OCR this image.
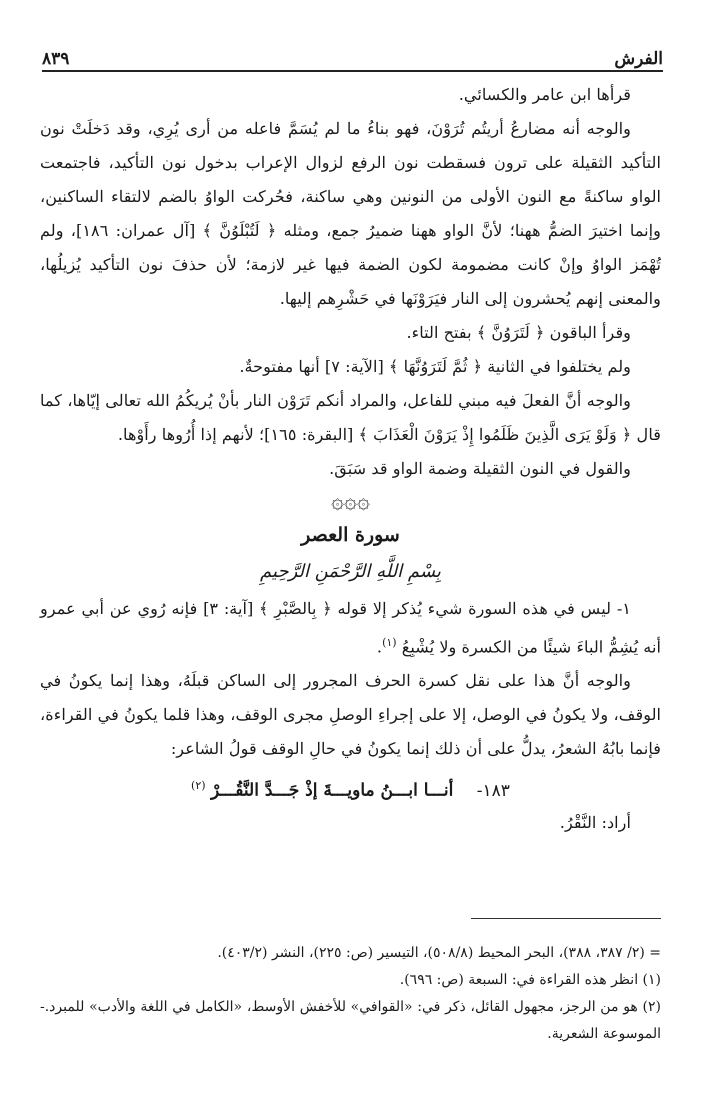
الفرش
٨٣٩

قرأها ابن عامر والكسائي.

والوجه أنه مضارعُ أريتُم تُرَوْنَ، فهو بناءُ ما لم يُسَمَّ فاعله من أرى يُرِي، وقد دَخلَتْ نون التأكيد الثقيلة على ترون فسقطت نون الرفع لزوال الإعراب بدخول نون التأكيد، فاجتمعت الواو ساكنةً مع النون الأولى من النونين وهي ساكنة، فحُركت الواوُ بالضم لالتقاء الساكنين، وإنما اختيرَ الضمُّ ههنا؛ لأنَّ الواو ههنا ضميرُ جمع، ومثله ﴿ لَتُبْلَوُنَّ ﴾ [آل عمران: ١٨٦]، ولم تُهْمَز الواوُ وإنْ كانت مضمومة لكون الضمة فيها غير لازمة؛ لأن حذفَ نون التأكيد يُزيلُها، والمعنى إنهم يُحشرون إلى النار فيَرَوْنَها في حَشْرِهم إليها.

وقرأ الباقون ﴿ لَتَرَوُنَّ ﴾ بفتح التاء.

ولم يختلفوا في الثانية ﴿ ثُمَّ لَتَرَوُنَّهَا ﴾ [الآية: ٧] أنها مفتوحةٌ.

والوجه أنَّ الفعلَ فيه مبني للفاعل، والمراد أنكم تَرَوْن النار بأنْ يُريكُمُ الله تعالى إيّاها، كما قال ﴿ وَلَوْ يَرَى الَّذِينَ ظَلَمُوا إِذْ يَرَوْنَ الْعَذَابَ ﴾ [البقرة: ١٦٥]؛ لأنهم إذا أُرُوها رأَوْها.

والقول في النون الثقيلة وضمة الواو قد سَبَقَ.

۞۞۞
سورة العصر
بِسْمِ اللَّهِ الرَّحْمَنِ الرَّحِيمِ

١- ليس في هذه السورة شيء يُذكر إلا قوله ﴿ بِالصَّبْرِ ﴾ [آية: ٣] فإنه رُوي عن أبي عمرو أنه يُشِمُّ الباءَ شيئًا من الكسرة ولا يُشْبِعُ $^{(١)}$.

والوجه أنَّ هذا على نقل كسرة الحرف المجرور إلى الساكن قبلَهُ، وهذا إنما يكونُ في الوقف، ولا يكونُ في الوصل، إلا على إجراءِ الوصلِ مجرى الوقف، وهذا قلما يكونُ في القراءة، فإنما بابُهُ الشعرُ، يدلُّ على أن ذلك إنما يكونُ في حالِ الوقف قولُ الشاعر:

١٨٣- أنـــا ابـــنُ ماويـــةَ إذْ جَـــدَّ النَّقُـــرْ $^{(٢)}$

أراد: النَّقْرُ.

= (٢/ ٣٨٧، ٣٨٨)، البحر المحيط (٥٠٨/٨)، التيسير (ص: ٢٢٥)، النشر (٤٠٣/٢).

(١) انظر هذه القراءة في: السبعة (ص: ٦٩٦).

(٢) هو من الرجز، مجهول القائل، ذكر في: «القوافي» للأخفش الأوسط، «الكامل في اللغة والأدب» للمبرد.-الموسوعة الشعرية.
